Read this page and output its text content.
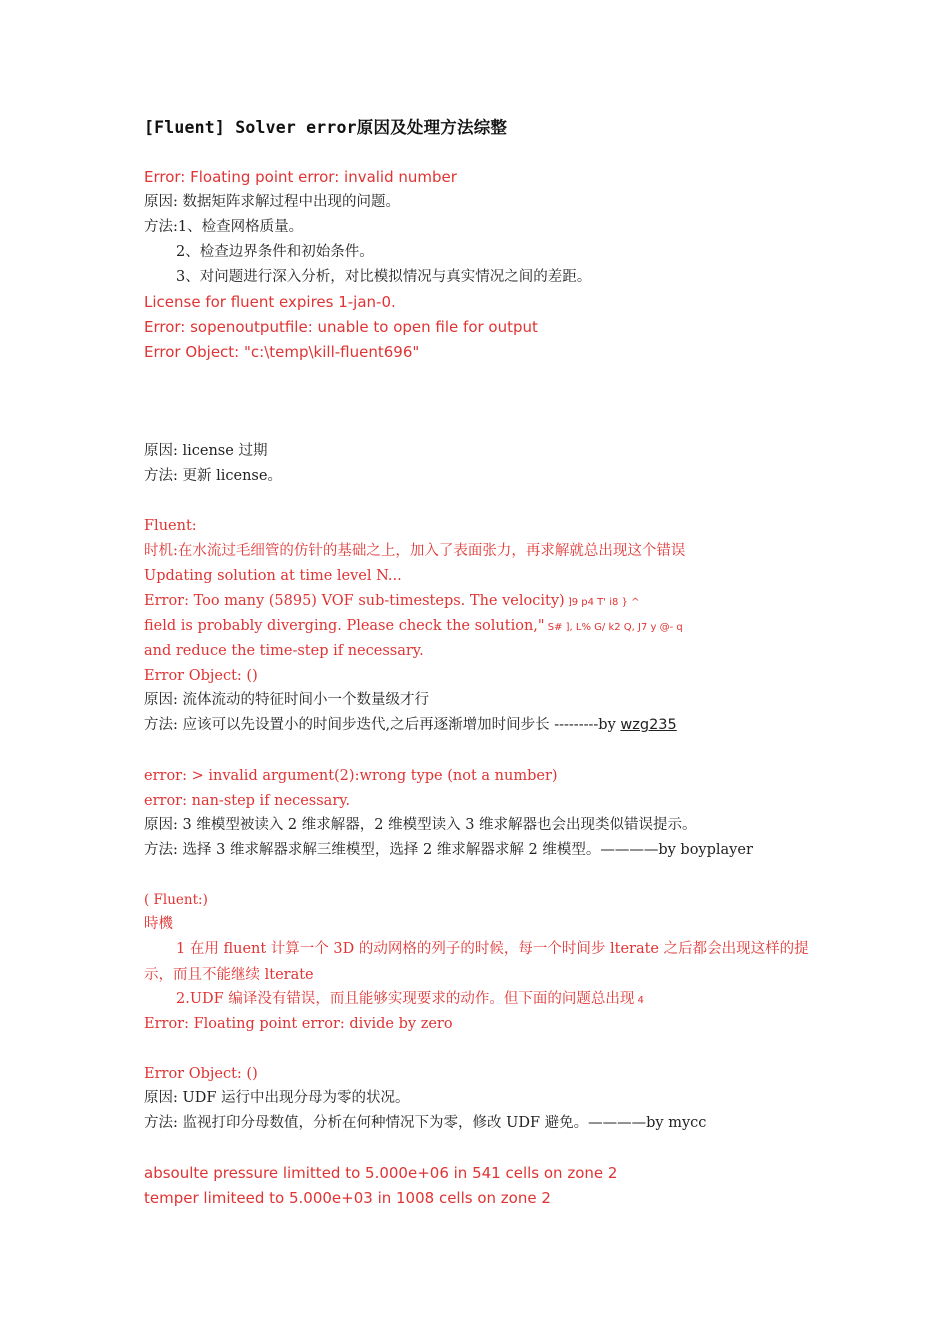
[Fluent] Solver error原因及处理方法综整
Error: Floating point error: invalid number
原因: 数据矩阵求解过程中出现的问题。
方法:1、检查网格质量。
2、检查边界条件和初始条件。
3、对问题进行深入分析，对比模拟情况与真实情况之间的差距。
License for fluent expires 1-jan-0.
Error: sopenoutputfile: unable to open file for output
Error Object: "c:\temp\kill-fluent696"
原因: license 过期
方法: 更新 license。
Fluent:
时机:在水流过毛细管的仿针的基础之上，加入了表面张力，再求解就总出现这个错误
Updating solution at time level N...
Error: Too many (5895) VOF sub-timesteps. The velocity) ]9 p4 T' i8 } ^
field is probably diverging. Please check the solution," S# ], L% G/ k2 Q, J7 y @- q
and reduce the time-step if necessary.
Error Object: ()
原因: 流体流动的特征时间小一个数量级才行
方法: 应该可以先设置小的时间步迭代,之后再逐渐增加时间步长 ---------by wzg235
error: > invalid argument(2):wrong type (not a number)
error: nan-step if necessary.
原因: 3 维模型被读入 2 维求解器，2 维模型读入 3 维求解器也会出现类似错误提示。
方法: 选择 3 维求解器求解三维模型，选择 2 维求解器求解 2 维模型。————by boyplayer
( Fluent:)
時機
1 在用 fluent 计算一个 3D 的动网格的列子的时候，每一个时间步 lterate 之后都会出现这样的提示，而且不能继续 lterate
2.UDF 编译没有错误，而且能够实现要求的动作。但下面的问题总出现 4
Error: Floating point error: divide by zero
Error Object: ()
原因: UDF 运行中出现分母为零的状况。
方法: 监视打印分母数值，分析在何种情况下为零，修改 UDF 避免。————by mycc
absoulte pressure limitted to 5.000e+06 in 541 cells on zone 2
temper limiteed to 5.000e+03 in 1008 cells on zone 2
